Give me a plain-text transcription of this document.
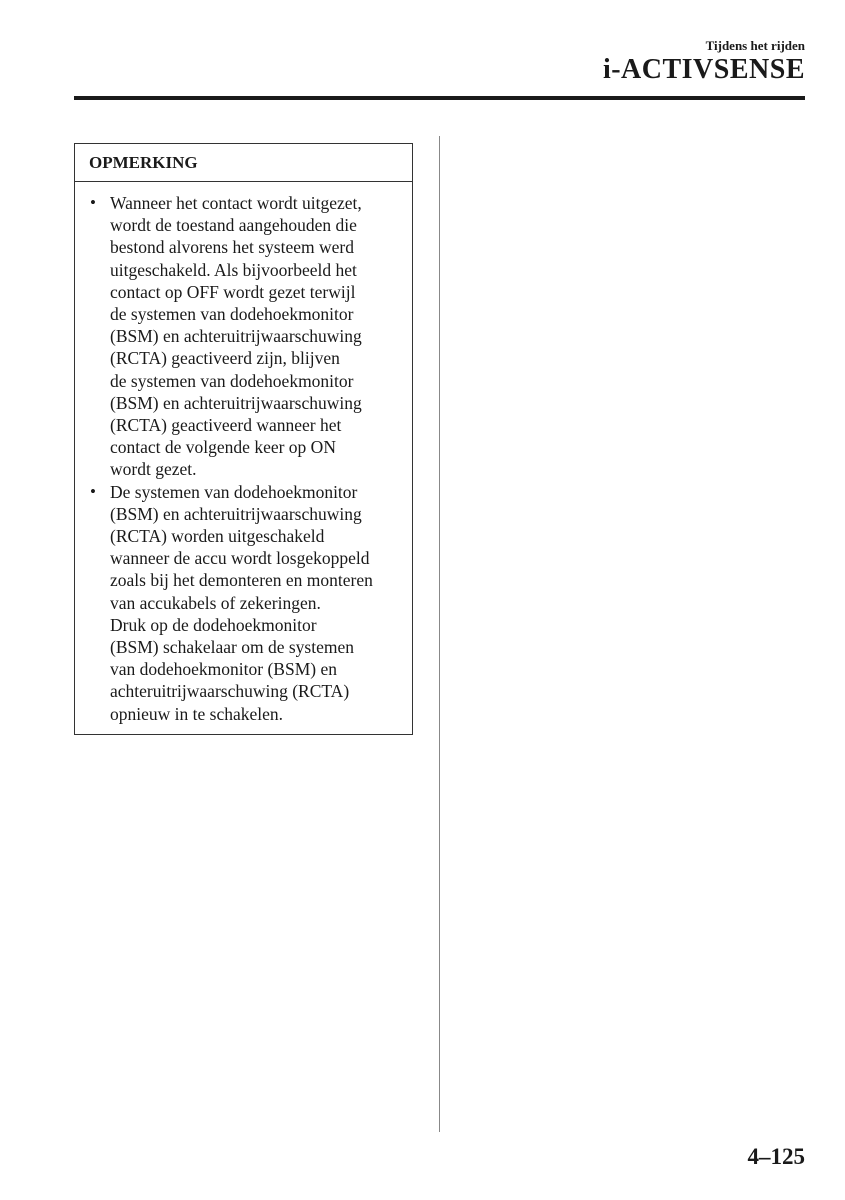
Tijdens het rijden
i-ACTIVSENSE
OPMERKING
• Wanneer het contact wordt uitgezet,
wordt de toestand aangehouden die
bestond alvorens het systeem werd
uitgeschakeld. Als bijvoorbeeld het
contact op OFF wordt gezet terwijl
de systemen van dodehoekmonitor
(BSM) en achteruitrijwaarschuwing
(RCTA) geactiveerd zijn, blijven
de systemen van dodehoekmonitor
(BSM) en achteruitrijwaarschuwing
(RCTA) geactiveerd wanneer het
contact de volgende keer op ON
wordt gezet.
• De systemen van dodehoekmonitor
(BSM) en achteruitrijwaarschuwing
(RCTA) worden uitgeschakeld
wanneer de accu wordt losgekoppeld
zoals bij het demonteren en monteren
van accukabels of zekeringen.
Druk op de dodehoekmonitor
(BSM) schakelaar om de systemen
van dodehoekmonitor (BSM) en
achteruitrijwaarschuwing (RCTA)
opnieuw in te schakelen.
4–125
